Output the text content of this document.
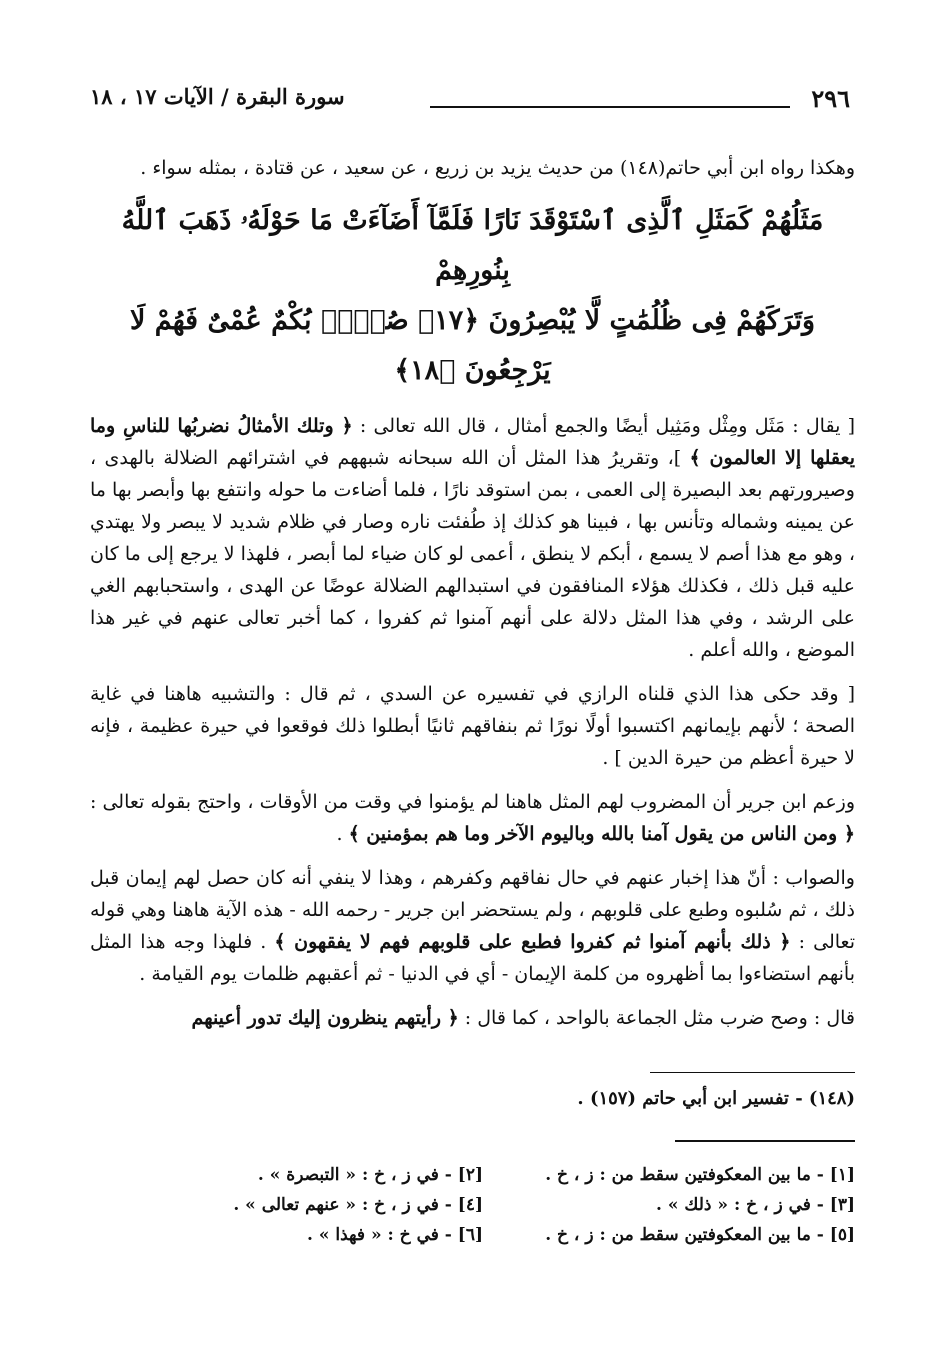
٢٩٦
سورة البقرة / الآيات ١٧ ، ١٨

وهكذا رواه ابن أبي حاتم(١٤٨) من حديث يزيد بن زريع ، عن سعيد ، عن قتادة ، بمثله سواء .

مَثَلُهُمْ كَمَثَلِ ٱلَّذِى ٱسْتَوْقَدَ نَارًا فَلَمَّآ أَضَآءَتْ مَا حَوْلَهُۥ ذَهَبَ ٱللَّهُ بِنُورِهِمْ
وَتَرَكَهُمْ فِى ظُلُمَٰتٍ لَّا يُبْصِرُونَ ﴿١٧﴾ صُمٌّۢ بُكْمٌ عُمْىٌ فَهُمْ لَا يَرْجِعُونَ ﴿١٨﴾

[ يقال : مَثَل ومِثْل ومَثِيل أيضًا والجمع أمثال ، قال الله تعالى : ﴿ وتلك الأمثالُ نضربُها للناسِ وما يعقلها إلا العالمون ﴾ ]، وتقريرُ هذا المثل أن الله سبحانه شبههم في اشترائهم الضلالة بالهدى ، وصيرورتهم بعد البصيرة إلى العمى ، بمن استوقد نارًا ، فلما أضاءت ما حوله وانتفع بها وأبصر بها ما عن يمينه وشماله وتأنس بها ، فبينا هو كذلك إذ طُفئت ناره وصار في ظلام شديد لا يبصر ولا يهتدي ، وهو مع هذا أصم لا يسمع ، أبكم لا ينطق ، أعمى لو كان ضياء لما أبصر ، فلهذا لا يرجع إلى ما كان عليه قبل ذلك ، فكذلك هؤلاء المنافقون في استبدالهم الضلالة عوضًا عن الهدى ، واستحبابهم الغي على الرشد ، وفي هذا المثل دلالة على أنهم آمنوا ثم كفروا ، كما أخبر تعالى عنهم في غير هذا الموضع ، والله أعلم .

[ وقد حكى هذا الذي قلناه الرازي في تفسيره عن السدي ، ثم قال : والتشبيه هاهنا في غاية الصحة ؛ لأنهم بإيمانهم اكتسبوا أولًا نورًا ثم بنفاقهم ثانيًا أبطلوا ذلك فوقعوا في حيرة عظيمة ، فإنه لا حيرة أعظم من حيرة الدين ] .

وزعم ابن جرير أن المضروب لهم المثل هاهنا لم يؤمنوا في وقت من الأوقات ، واحتج بقوله تعالى : ﴿ ومن الناس من يقول آمنا بالله وباليوم الآخر وما هم بمؤمنين ﴾ .

والصواب : أنّ هذا إخبار عنهم في حال نفاقهم وكفرهم ، وهذا لا ينفي أنه كان حصل لهم إيمان قبل ذلك ، ثم سُلبوه وطبع على قلوبهم ، ولم يستحضر ابن جرير - رحمه الله - هذه الآية هاهنا وهي قوله تعالى : ﴿ ذلك بأنهم آمنوا ثم كفروا فطبع على قلوبهم فهم لا يفقهون ﴾ . فلهذا وجه هذا المثل بأنهم استضاءوا بما أظهروه من كلمة الإيمان - أي في الدنيا - ثم أعقبهم ظلمات يوم القيامة .

قال : وصح ضرب مثل الجماعة بالواحد ، كما قال : ﴿ رأيتهم ينظرون إليك تدور أعينهم

(١٤٨) - تفسير ابن أبي حاتم (١٥٧) .
[١] - ما بين المعكوفتين سقط من : ز ، خ .
[٢] - في ز ، خ : « التبصرة » .
[٣] - في ز ، خ : « ذلك » .
[٤] - في ز ، خ : « عنهم تعالى » .
[٥] - ما بين المعكوفتين سقط من : ز ، خ .
[٦] - في خ : « فهذا » .
